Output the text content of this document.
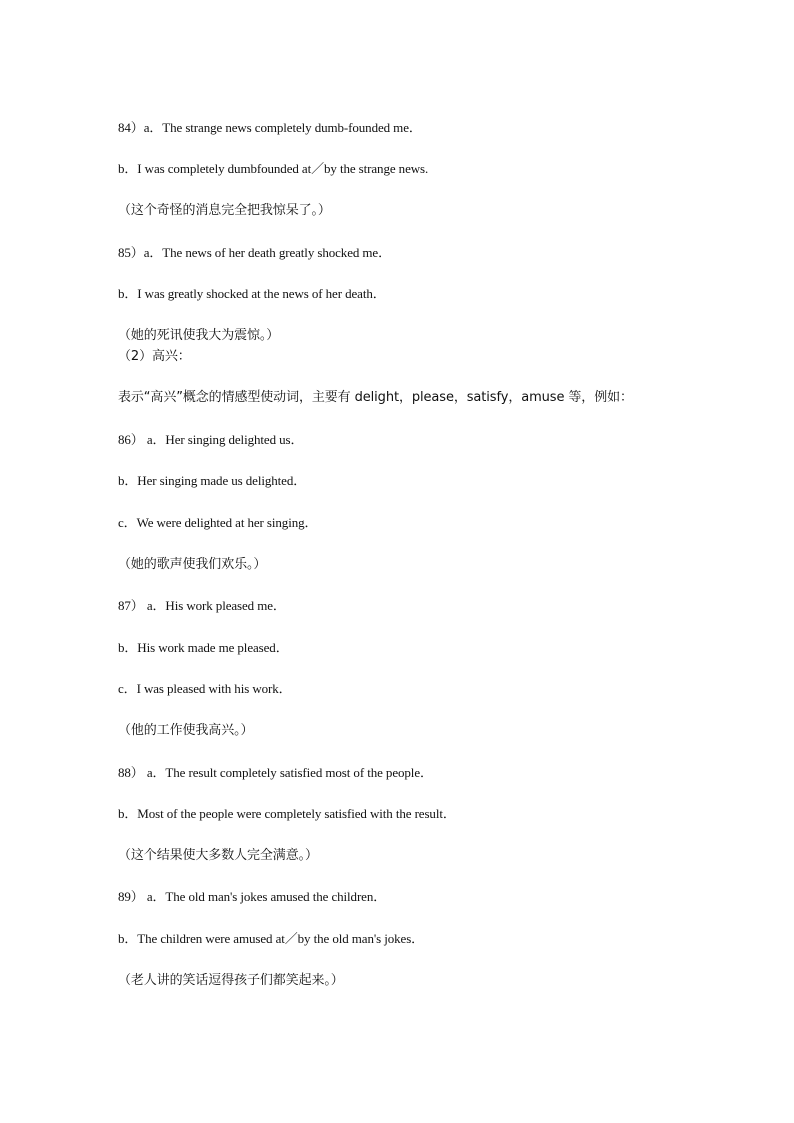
84）a．The strange news completely dumb-founded me．
b．I was completely dumbfounded at／by the strange news.
（这个奇怪的消息完全把我惊呆了。）
85）a．The news of her death greatly shocked me．
b．I was greatly shocked at the news of her death．
（她的死讯使我大为震惊。）
（2）高兴：
表示“高兴”概念的情感型使动词，主要有 delight，please，satisfy，amuse 等，例如：
86） a．Her singing delighted us．
b．Her singing made us delighted．
c．We were delighted at her singing．
（她的歌声使我们欢乐。）
87） a．His work pleased me．
b．His work made me pleased．
c．I was pleased with his work．
（他的工作使我高兴。）
88） a．The result completely satisfied most of the people．
b．Most of the people were completely satisfied with the result．
（这个结果使大多数人完全满意。）
89） a．The old man's jokes amused the children．
b．The children were amused at／by the old man's jokes．
（老人讲的笑话逗得孩子们都笑起来。）
